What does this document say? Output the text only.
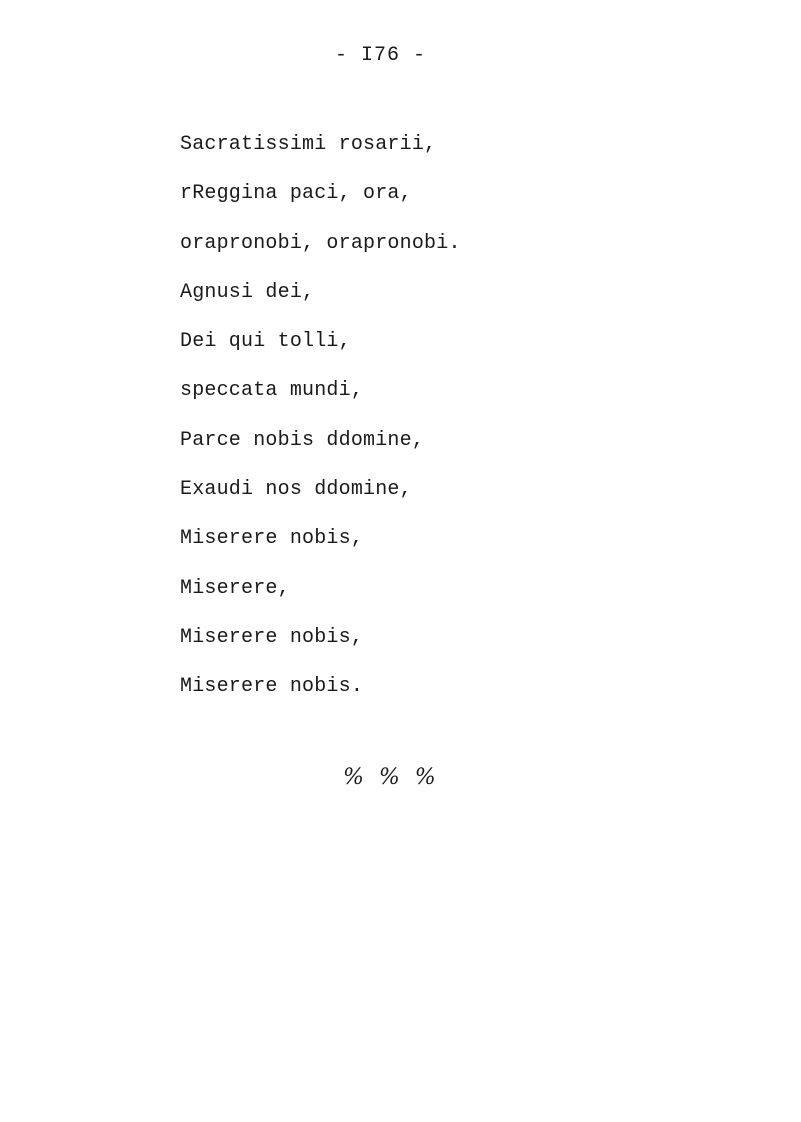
- I76 -
Sacratissimi rosarii,
rReggina paci, ora,
orapronobi, orapronobi.
Agnusi dei,
Dei qui tolli,
speccata mundi,
Parce nobis ddomine,
Exaudi nos ddomine,
Miserere nobis,
Miserere,
Miserere nobis,
Miserere nobis.
% % %
